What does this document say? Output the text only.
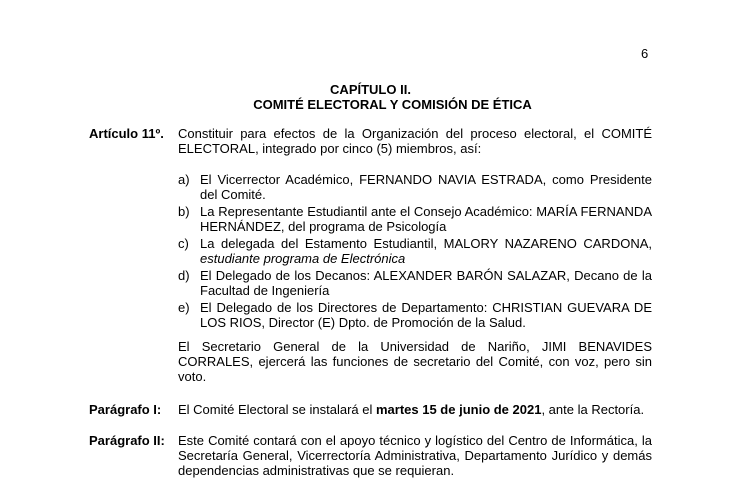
6
CAPÍTULO II.
COMITÉ ELECTORAL Y COMISIÓN DE ÉTICA
Artículo 11º. Constituir para efectos de la Organización del proceso electoral, el COMITÉ ELECTORAL, integrado por cinco (5) miembros, así:
a) El Vicerrector Académico, FERNANDO NAVIA ESTRADA, como Presidente del Comité.
b) La Representante Estudiantil ante el Consejo Académico: MARÍA FERNANDA HERNÁNDEZ, del programa de Psicología
c) La delegada del Estamento Estudiantil, MALORY NAZARENO CARDONA, estudiante programa de Electrónica
d) El Delegado de los Decanos: ALEXANDER BARÓN SALAZAR, Decano de la Facultad de Ingeniería
e) El Delegado de los Directores de Departamento: CHRISTIAN GUEVARA DE LOS RIOS, Director (E) Dpto. de Promoción de la Salud.
El Secretario General de la Universidad de Nariño, JIMI BENAVIDES CORRALES, ejercerá las funciones de secretario del Comité, con voz, pero sin voto.
Parágrafo I: El Comité Electoral se instalará el martes 15 de junio de 2021, ante la Rectoría.
Parágrafo II: Este Comité contará con el apoyo técnico y logístico del Centro de Informática, la Secretaría General, Vicerrectoría Administrativa, Departamento Jurídico y demás dependencias administrativas que se requieran.
